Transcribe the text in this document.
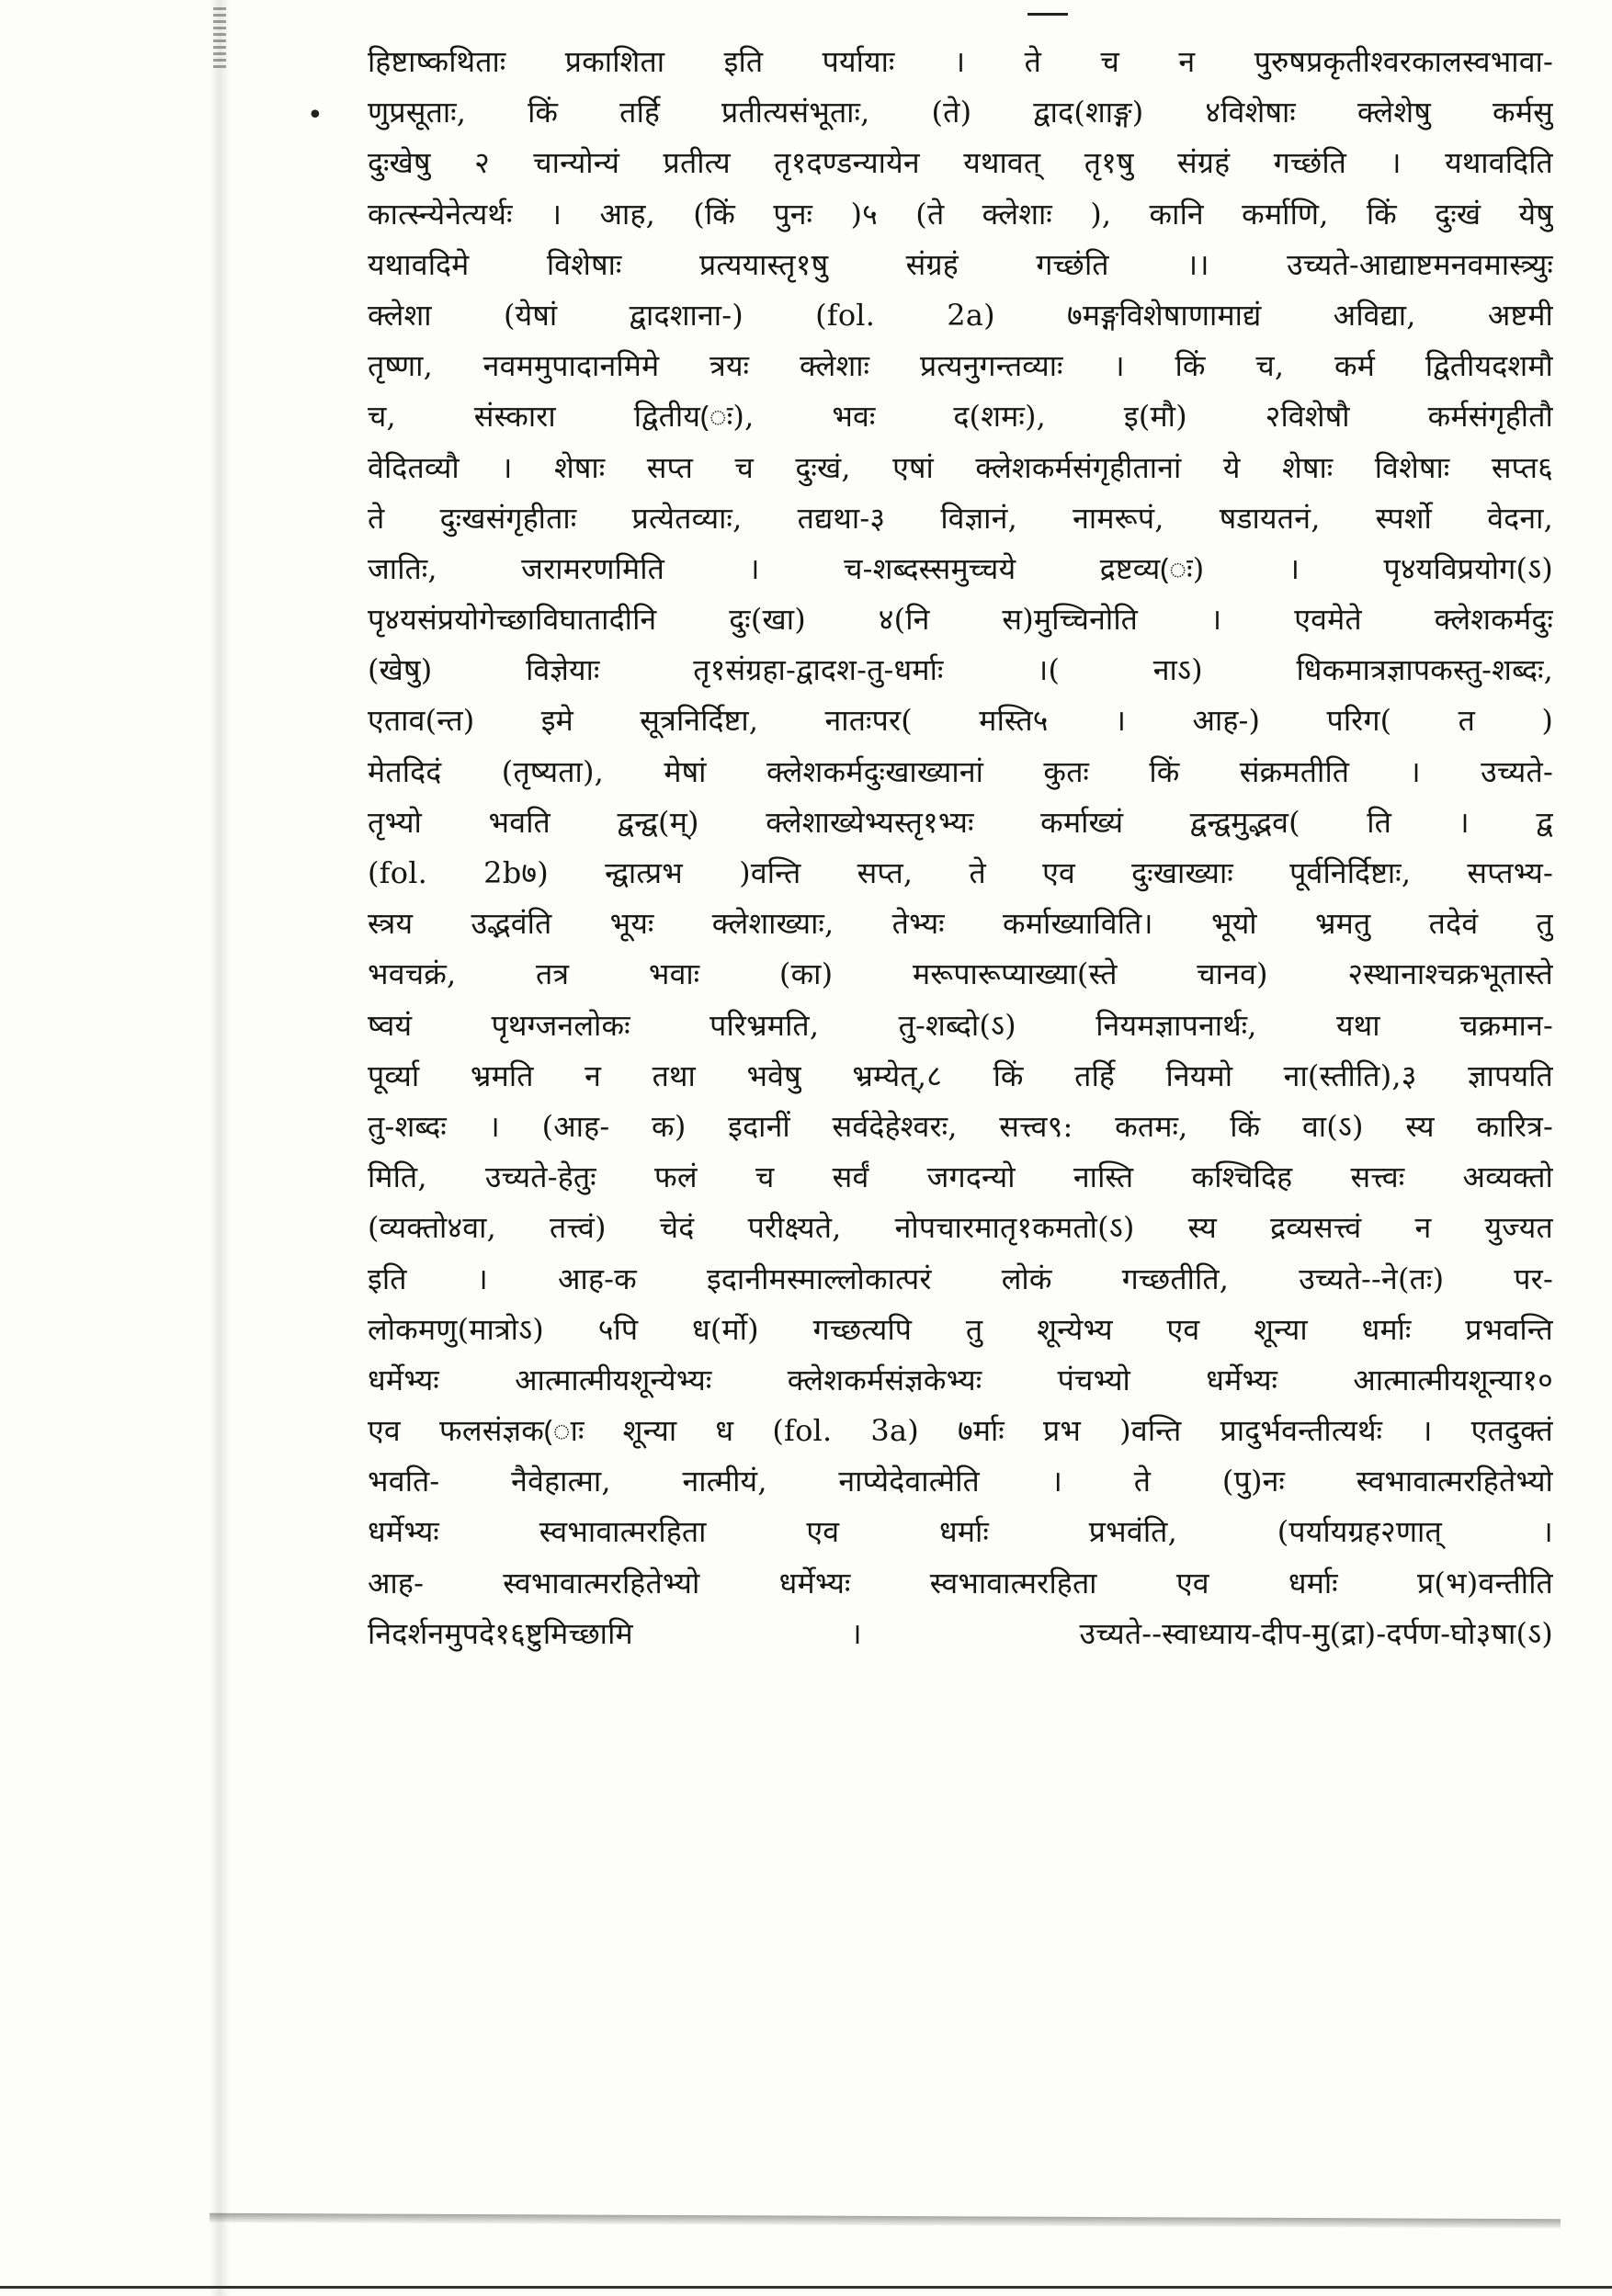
•
हिष्टाष्कथिताः प्रकाशिता इति पर्यायाः । ते च न पुरुषप्रकृतीश्वरकालस्वभावा-
णुप्रसूताः, किं तर्हि प्रतीत्यसंभूताः, (ते) द्वाद(शाङ्ग) ४विशेषाः क्लेशेषु कर्मसु
दुःखेषु २ चान्योन्यं प्रतीत्य तृ१दण्डन्यायेन यथावत् तृ१षु संग्रहं गच्छंति । यथावदिति
कात्स्न्येनेत्यर्थः । आह, (किं पुनः )५ (ते क्लेशाः ), कानि कर्माणि, किं दुःखं येषु
यथावदिमे विशेषाः प्रत्ययास्तृ१षु संग्रहं गच्छंति ।। उच्यते-आद्याष्टमनवमास्त्र्युः
क्लेशा (येषां द्वादशाना-) (fol. 2a) ७मङ्गविशेषाणामाद्यं अविद्या, अष्टमी
तृष्णा, नवममुपादानमिमे त्रयः क्लेशाः प्रत्यनुगन्तव्याः । किं च, कर्म द्वितीयदशमौ
च, संस्कारा द्वितीय(ः), भवः द(शमः), इ(मौ) २विशेषौ कर्मसंगृहीतौ
वेदितव्यौ । शेषाः सप्त च दुःखं, एषां क्लेशकर्मसंगृहीतानां ये शेषाः विशेषाः सप्त६
ते दुःखसंगृहीताः प्रत्येतव्याः, तद्यथा-३ विज्ञानं, नामरूपं, षडायतनं, स्पर्शो वेदना,
जातिः, जरामरणमिति । च-शब्दस्समुच्चये द्रष्टव्य(ः) । पृ४यविप्रयोग(ऽ)
पृ४यसंप्रयोगेच्छाविघातादीनि दुः(खा) ४(नि स)मुच्चिनोति । एवमेते क्लेशकर्मदुः
(खेषु) विज्ञेयाः तृ१संग्रहा-द्वादश-तु-धर्माः ।( नाऽ) धिकमात्रज्ञापकस्तु-शब्दः,
एताव(न्त) इमे सूत्रनिर्दिष्टा, नातःपर( मस्ति५ । आह-) परिग( त )
मेतदिदं (तृष्यता), मेषां क्लेशकर्मदुःखाख्यानां कुतः किं संक्रमतीति । उच्यते-
तृभ्यो भवति द्वन्द्व(म्) क्लेशाख्येभ्यस्तृ१भ्यः कर्माख्यं द्वन्द्वमुद्भव( ति । द्व
(fol. 2b७) न्द्वात्प्रभ )वन्ति सप्त, ते एव दुःखाख्याः पूर्वनिर्दिष्टाः, सप्तभ्य-
स्त्रय उद्भवंति भूयः क्लेशाख्याः, तेभ्यः कर्माख्याविति। भूयो भ्रमतु तदेवं तु
भवचक्रं, तत्र भवाः (का) मरूपारूप्याख्या(स्ते चानव) २स्थानाश्चक्रभूतास्ते
ष्वयं पृथग्जनलोकः परिभ्रमति, तु-शब्दो(ऽ) नियमज्ञापनार्थः, यथा चक्रमान-
पूर्व्या भ्रमति न तथा भवेषु भ्रम्येत्,८ किं तर्हि नियमो ना(स्तीति),३ ज्ञापयति
तु-शब्दः । (आह- क) इदानीं सर्वदेहेश्वरः, सत्त्व९: कतमः, किं वा(ऽ) स्य कारित्र-
मिति, उच्यते-हेतुः फलं च सर्वं जगदन्यो नास्ति कश्चिदिह सत्त्वः अव्यक्तो
(व्यक्तो४वा, तत्त्वं) चेदं परीक्ष्यते, नोपचारमातृ१कमतो(ऽ) स्य द्रव्यसत्त्वं न युज्यत
इति । आह-क इदानीमस्माल्लोकात्परं लोकं गच्छतीति, उच्यते--ने(तः) पर-
लोकमणु(मात्रोऽ) ५पि ध(र्मो) गच्छत्यपि तु शून्येभ्य एव शून्या धर्माः प्रभवन्ति
धर्मेभ्यः आत्मात्मीयशून्येभ्यः क्लेशकर्मसंज्ञकेभ्यः पंचभ्यो धर्मेभ्यः आत्मात्मीयशून्या१०
एव फलसंज्ञक(ाः शून्या ध (fol. 3a) ७र्माः प्रभ )वन्ति प्रादुर्भवन्तीत्यर्थः । एतदुक्तं
भवति- नैवेहात्मा, नात्मीयं, नाप्येदेवात्मेति । ते (पु)नः स्वभावात्मरहितेभ्यो
धर्मेभ्यः स्वभावात्मरहिता एव धर्माः प्रभवंति, (पर्यायग्रह२णात् ।
आह- स्वभावात्मरहितेभ्यो धर्मेभ्यः स्वभावात्मरहिता एव धर्माः प्र(भ)वन्तीति
निदर्शनमुपदे१६ष्टुमिच्छामि । उच्यते--स्वाध्याय-दीप-मु(द्रा)-दर्पण-घो३षा(ऽ)
